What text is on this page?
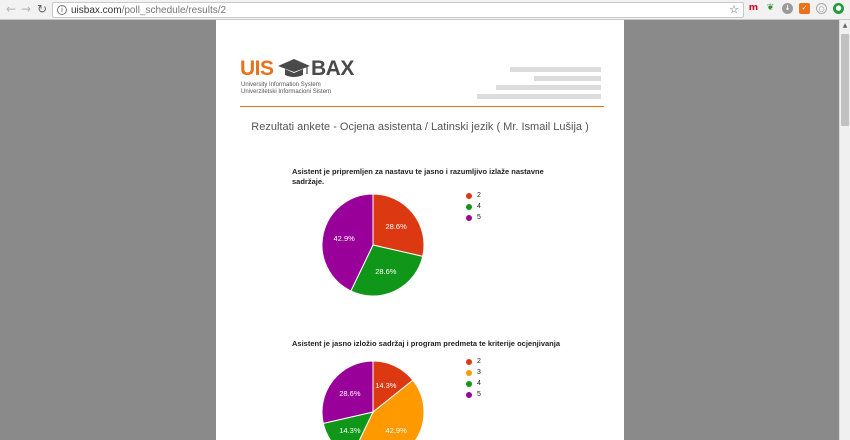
← → ↻	i uisbax.com/poll_schedule/results/2	☆ m ❦	↓	✓	○	●
UIS BAX
University Information System
Univerzitetski Informacioni Sistem
Rezultati ankete - Ocjena asistenta / Latinski jezik ( Mr. Ismail Lušija )
Asistent je pripremljen za nastavu te jasno i razumljivo izlaže nastavne sadržaje.
28.6%
28.6%
42.9%
2
4
5
Asistent je jasno izložio sadržaj i program predmeta te kriterije ocjenjivanja
14.3%
42.9%
14.3%
28.6%
2
3
4
5
▲
